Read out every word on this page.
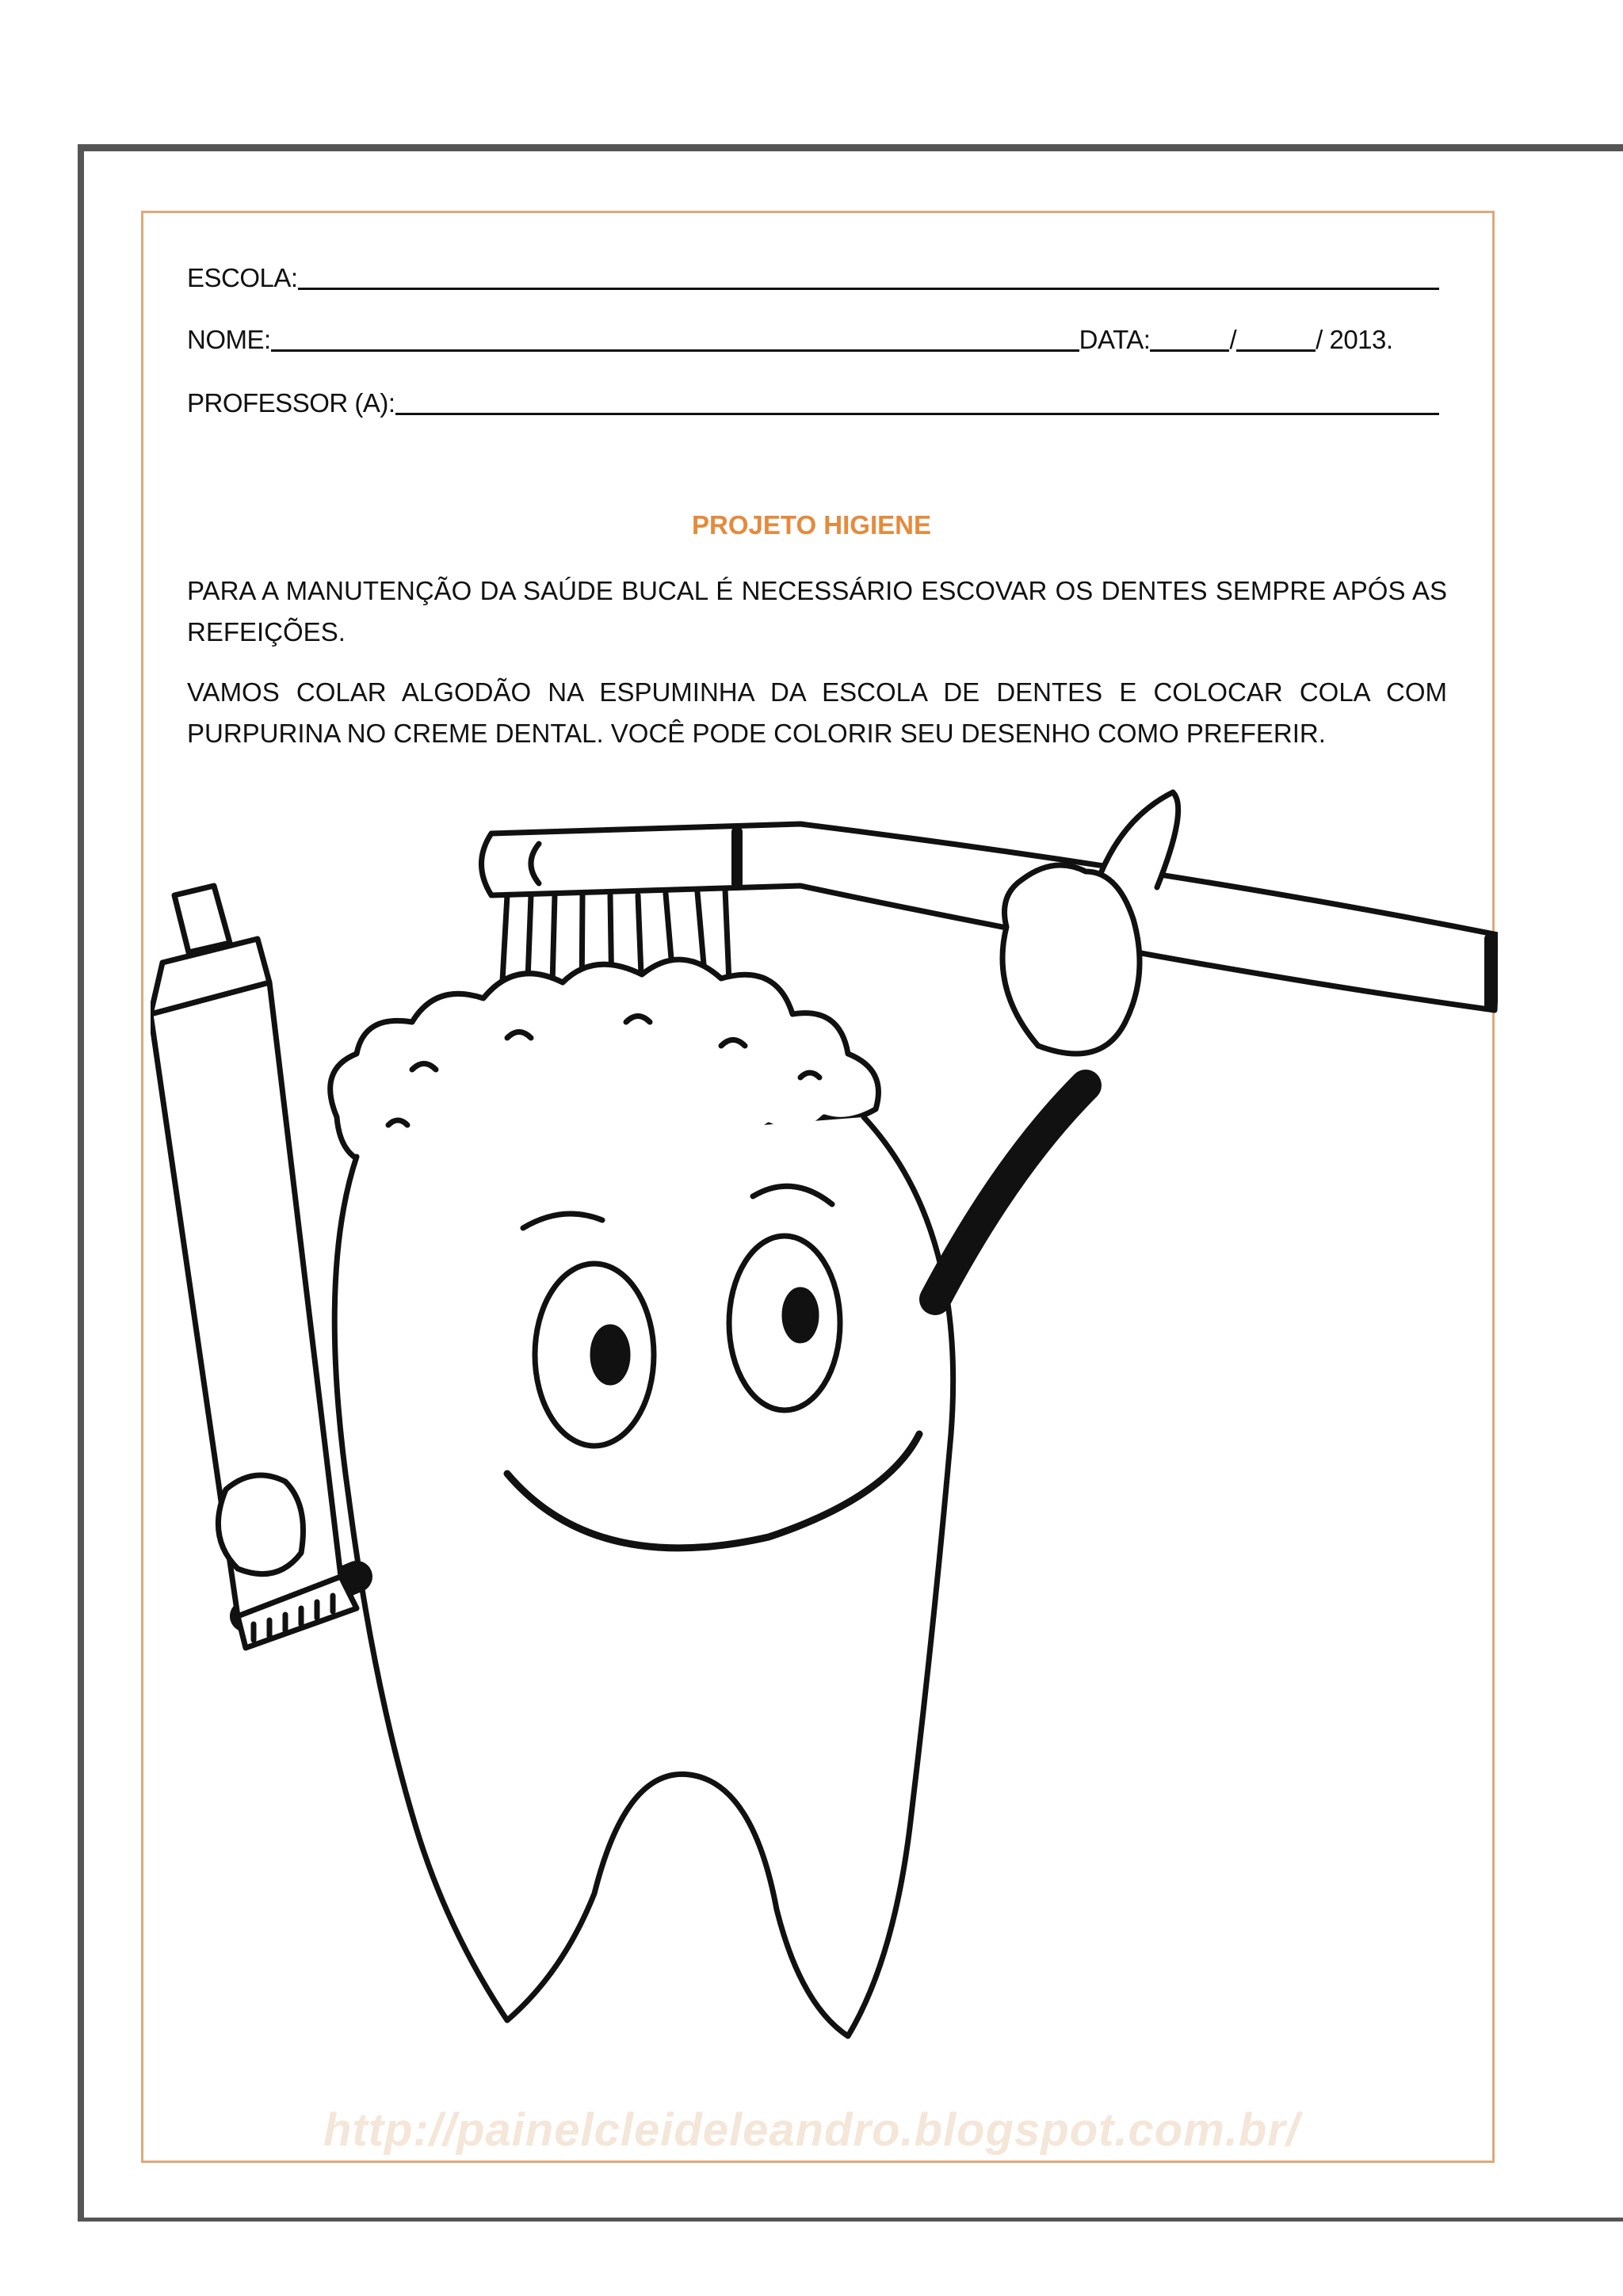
ESCOLA:
NOME:	DATA:	/	/ 2013.
PROFESSOR (A):
PROJETO HIGIENE

PARA A MANUTENÇÃO DA SAÚDE BUCAL É NECESSÁRIO ESCOVAR OS DENTES SEMPRE APÓS AS REFEIÇÕES.

VAMOS COLAR ALGODÃO NA ESPUMINHA DA ESCOLA DE DENTES E COLOCAR COLA COM PURPURINA NO CREME DENTAL. VOCÊ PODE COLORIR SEU DESENHO COMO PREFERIR.

http://painelcleideleandro.blogspot.com.br/
